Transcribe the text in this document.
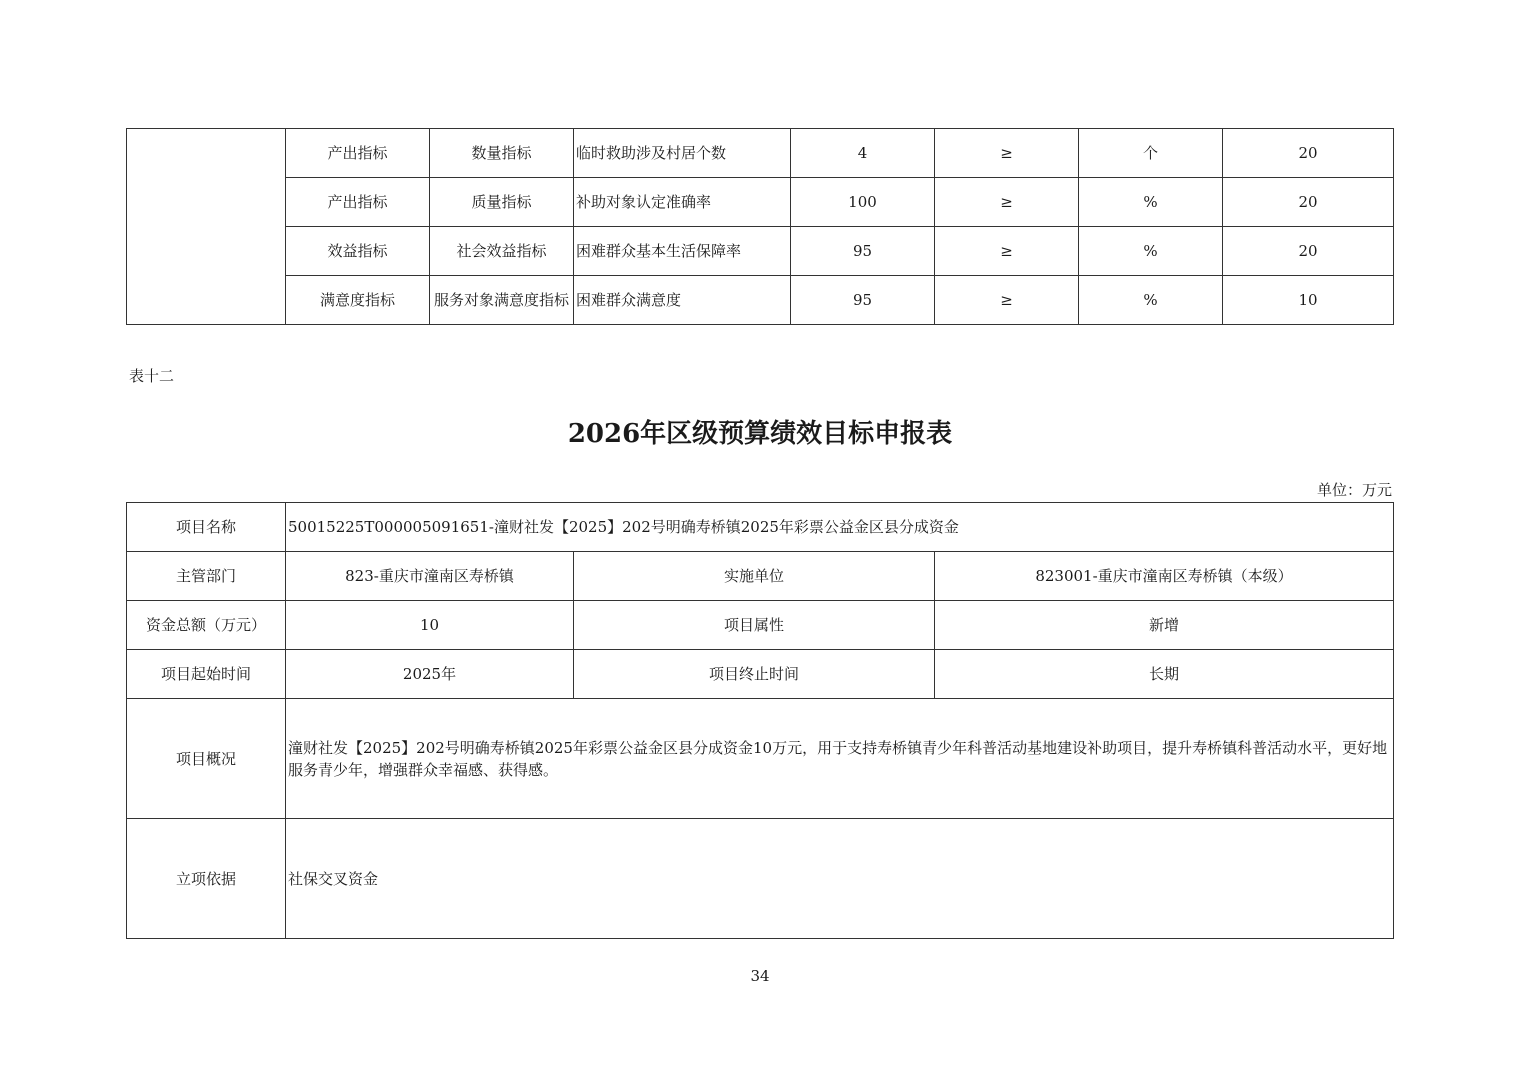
	产出指标	数量指标	临时救助涉及村居个数	4	≥	个	20
	产出指标	质量指标	补助对象认定准确率	100	≥	%	20
	效益指标	社会效益指标	困难群众基本生活保障率	95	≥	%	20
	满意度指标	服务对象满意度指标	困难群众满意度	95	≥	%	10
表十二
2026年区级预算绩效目标申报表
单位：万元
项目名称	50015225T000005091651-潼财社发【2025】202号明确寿桥镇2025年彩票公益金区县分成资金		
主管部门	823-重庆市潼南区寿桥镇	实施单位	823001-重庆市潼南区寿桥镇（本级）
资金总额（万元）	10	项目属性	新增
项目起始时间	2025年	项目终止时间	长期
项目概况	潼财社发【2025】202号明确寿桥镇2025年彩票公益金区县分成资金10万元，用于支持寿桥镇青少年科普活动基地建设补助项目，提升寿桥镇科普活动水平，更好地服务青少年，增强群众幸福感、获得感。		
立项依据	社保交叉资金		
34
